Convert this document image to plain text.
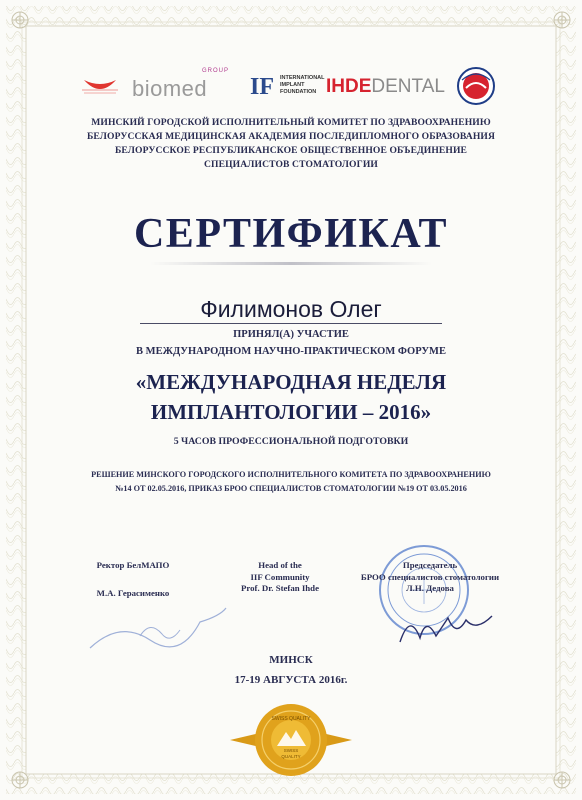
biomed
GROUP
IF INTERNATIONAL
IMPLANT
FOUNDATION IHDEDENTAL
МИНСКИЙ ГОРОДСКОЙ ИСПОЛНИТЕЛЬНЫЙ КОМИТЕТ ПО ЗДРАВООХРАНЕНИЮ
БЕЛОРУССКАЯ МЕДИЦИНСКАЯ АКАДЕМИЯ ПОСЛЕДИПЛОМНОГО ОБРАЗОВАНИЯ
БЕЛОРУССКОЕ РЕСПУБЛИКАНСКОЕ ОБЩЕСТВЕННОЕ ОБЪЕДИНЕНИЕ
СПЕЦИАЛИСТОВ СТОМАТОЛОГИИ
СЕРТИФИКАТ
Филимонов Олег
ПРИНЯЛ(А) УЧАСТИЕ
В МЕЖДУНАРОДНОМ НАУЧНО-ПРАКТИЧЕСКОМ ФОРУМЕ
«МЕЖДУНАРОДНАЯ НЕДЕЛЯ
ИМПЛАНТОЛОГИИ – 2016»
5 ЧАСОВ ПРОФЕССИОНАЛЬНОЙ ПОДГОТОВКИ
РЕШЕНИЕ МИНСКОГО ГОРОДСКОГО ИСПОЛНИТЕЛЬНОГО КОМИТЕТА ПО ЗДРАВООХРАНЕНИЮ
№14 ОТ 02.05.2016, ПРИКАЗ БРОО СПЕЦИАЛИСТОВ СТОМАТОЛОГИИ №19 ОТ 03.05.2016
Ректор БелМАПО
М.А. Герасименко
Head of the
IIF Community
Prof. Dr. Stefan Ihde
Председатель
БРОО специалистов стоматологии
Л.Н. Дедова
МИНСК
17-19 АВГУСТА 2016г.
SWISS QUALITY
SWISS
QUALITY
